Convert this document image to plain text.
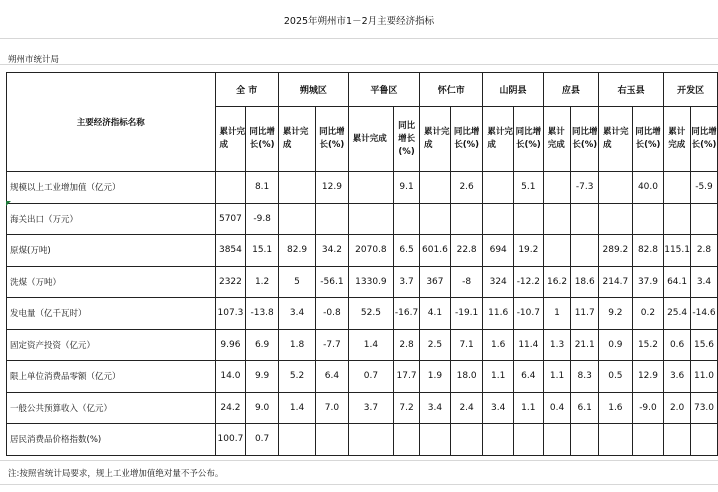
2025年朔州市1－2月主要经济指标
朔州市统计局
主要经济指标名称	全 市		朔城区		平鲁区		怀仁市		山阴县		应县		右玉县		开发区	
	累计完成	同比增长(%)	累计完成	同比增长(%)	累计完成	同比增长(%)	累计完成	同比增长(%)	累计完成	同比增长(%)	累计完成	同比增长(%)	累计完成	同比增长(%)	累计完成	同比增长(%)
规模以上工业增加值（亿元）		8.1		12.9		9.1		2.6		5.1		-7.3		40.0		-5.9
海关出口（万元）	5707	-9.8														
原煤(万吨)	3854	15.1	82.9	34.2	2070.8	6.5	601.6	22.8	694	19.2			289.2	82.8	115.1	2.8
洗煤（万吨）	2322	1.2	5	-56.1	1330.9	3.7	367	-8	324	-12.2	16.2	18.6	214.7	37.9	64.1	3.4
发电量（亿千瓦时）	107.3	-13.8	3.4	-0.8	52.5	-16.7	4.1	-19.1	11.6	-10.7	1	11.7	9.2	0.2	25.4	-14.6
固定资产投资（亿元）	9.96	6.9	1.8	-7.7	1.4	2.8	2.5	7.1	1.6	11.4	1.3	21.1	0.9	15.2	0.6	15.6
限上单位消费品零额（亿元）	14.0	9.9	5.2	6.4	0.7	17.7	1.9	18.0	1.1	6.4	1.1	8.3	0.5	12.9	3.6	11.0
一般公共预算收入（亿元）	24.2	9.0	1.4	7.0	3.7	7.2	3.4	2.4	3.4	1.1	0.4	6.1	1.6	-9.0	2.0	73.0
居民消费品价格指数(%)	100.7	0.7														
注:按照省统计局要求，规上工业增加值绝对量不予公布。
